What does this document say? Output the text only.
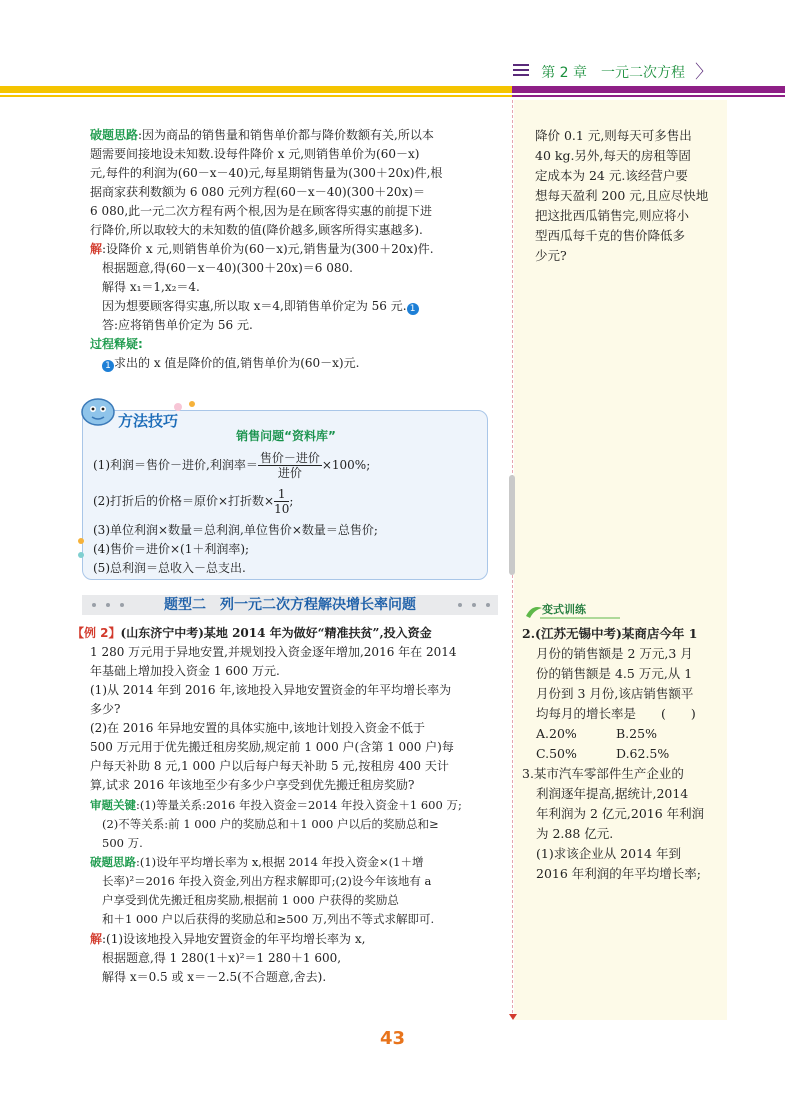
第 2 章　一元二次方程 〉
破题思路:因为商品的销售量和销售单价都与降价数额有关,所以本
题需要间接地设未知数.设每件降价 x 元,则销售单价为(60－x)
元,每件的利润为(60－x－40)元,每星期销售量为(300＋20x)件,根
据商家获利数额为 6 080 元列方程(60－x－40)(300＋20x)＝
6 080,此一元二次方程有两个根,因为是在顾客得实惠的前提下进
行降价,所以取较大的未知数的值(降价越多,顾客所得实惠越多).
解:设降价 x 元,则销售单价为(60－x)元,销售量为(300＋20x)件.
根据题意,得(60－x－40)(300＋20x)＝6 080.
解得 x₁＝1,x₂＝4.
因为想要顾客得实惠,所以取 x＝4,即销售单价定为 56 元. 1
答:应将销售单价定为 56 元.
过程释疑:
1 求出的 x 值是降价的值,销售单价为(60－x)元.
销售问题“资料库”
(1)利润＝售价－进价,利润率＝ $\frac{\text{售价－进价}}{\text{进价}} \times 100\%$;
(2)打折后的价格＝原价×打折数× $\frac{1}{10}$ ;
(3)单位利润×数量＝总利润,单位售价×数量＝总售价;
(4)售价＝进价×(1＋利润率);
(5)总利润＝总收入－总支出.
方法技巧
题型二　列一元二次方程解决增长率问题
【例 2】(山东济宁中考)某地 2014 年为做好“精准扶贫”,投入资金
1 280 万元用于异地安置,并规划投入资金逐年增加,2016 年在 2014
年基础上增加投入资金 1 600 万元.
(1)从 2014 年到 2016 年,该地投入异地安置资金的年平均增长率为
多少?
(2)在 2016 年异地安置的具体实施中,该地计划投入资金不低于
500 万元用于优先搬迁租房奖励,规定前 1 000 户(含第 1 000 户)每
户每天补助 8 元,1 000 户以后每户每天补助 5 元,按租房 400 天计
算,试求 2016 年该地至少有多少户享受到优先搬迁租房奖励?
审题关键:(1)等量关系:2016 年投入资金＝2014 年投入资金＋1 600 万;
(2)不等关系:前 1 000 户的奖励总和＋1 000 户以后的奖励总和≥
500 万.
破题思路:(1)设年平均增长率为 x,根据 2014 年投入资金×(1＋增
长率)²＝2016 年投入资金,列出方程求解即可;(2)设今年该地有 a
户享受到优先搬迁租房奖励,根据前 1 000 户获得的奖励总
和＋1 000 户以后获得的奖励总和≥500 万,列出不等式求解即可.
解:(1)设该地投入异地安置资金的年平均增长率为 x,
根据题意,得 1 280(1＋x)²＝1 280＋1 600,
解得 x＝0.5 或 x＝－2.5(不合题意,舍去).
降价 0.1 元,则每天可多售出
40 kg.另外,每天的房租等固
定成本为 24 元.该经营户要
想每天盈利 200 元,且应尽快地
把这批西瓜销售完,则应将小
型西瓜每千克的售价降低多
少元?
变式训练
2.(江苏无锡中考)某商店今年 1
月份的销售额是 2 万元,3 月
份的销售额是 4.5 万元,从 1
月份到 3 月份,该店销售额平
均每月的增长率是　　(　　)
A.20%	B.25%
C.50%	D.62.5%
3.某市汽车零部件生产企业的
利润逐年提高,据统计,2014
年利润为 2 亿元,2016 年利润
为 2.88 亿元.
(1)求该企业从 2014 年到
2016 年利润的年平均增长率;
43
